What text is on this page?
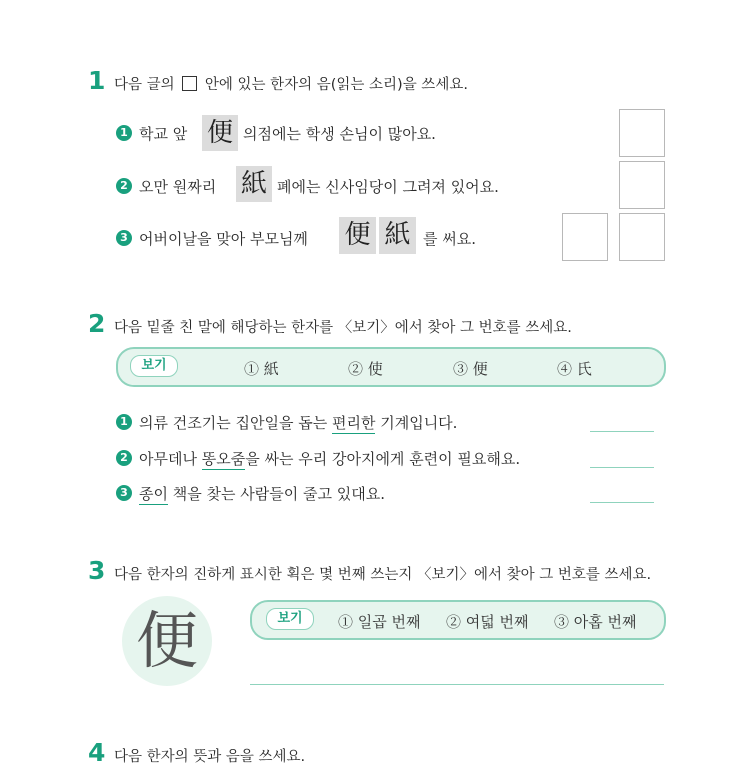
1 다음 글의 안에 있는 한자의 음(읽는 소리)을 쓰세요.
1 학교 앞 便 의점에는 학생 손님이 많아요.
2 오만 원짜리 紙 폐에는 신사임당이 그려져 있어요.
3 어버이날을 맞아 부모님께 便 紙 를 써요.
2 다음 밑줄 친 말에 해당하는 한자를 〈보기〉에서 찾아 그 번호를 쓰세요.
보기	① 紙	② 使	③ 便	④ 氏
1 의류 건조기는 집안일을 돕는 편리한 기계입니다.
2 아무데나 똥오줌을 싸는 우리 강아지에게 훈련이 필요해요.
3 종이 책을 찾는 사람들이 줄고 있대요.
3 다음 한자의 진하게 표시한 획은 몇 번째 쓰는지 〈보기〉에서 찾아 그 번호를 쓰세요.
便	보기	① 일곱 번째 ② 여덟 번째 ③ 아홉 번째
4 다음 한자의 뜻과 음을 쓰세요.
